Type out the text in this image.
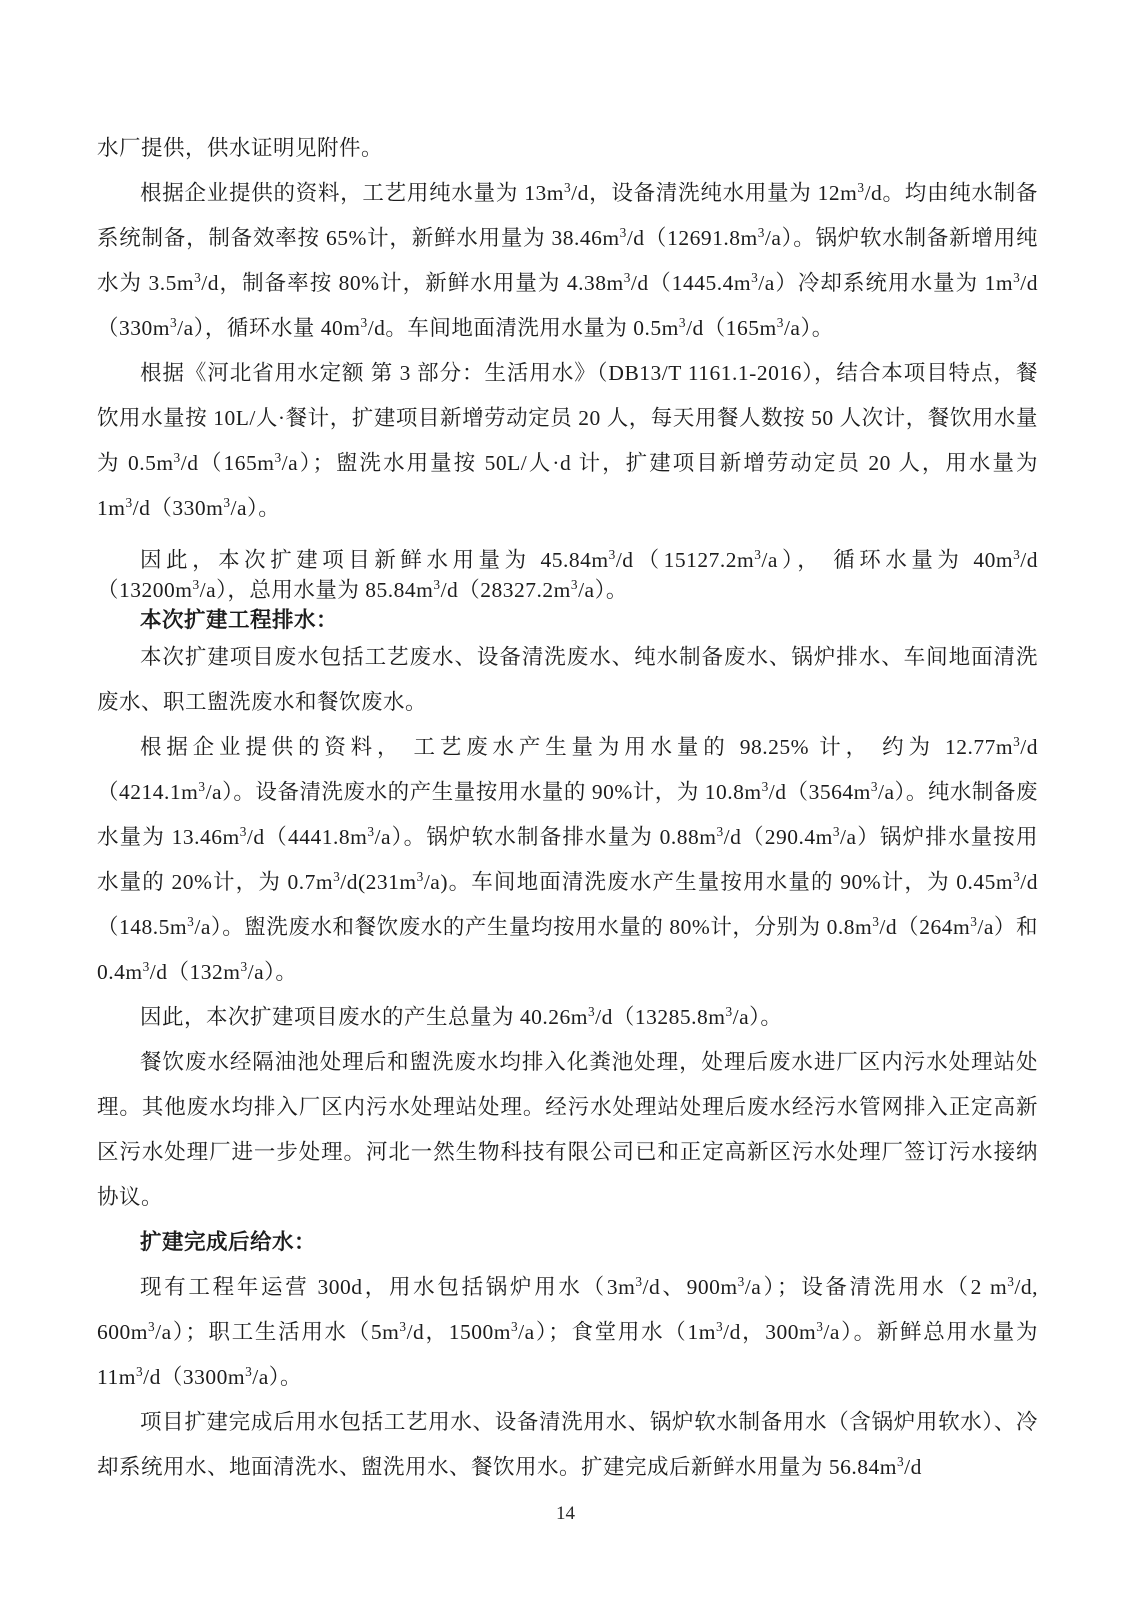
水厂提供，供水证明见附件。

根据企业提供的资料，工艺用纯水量为 $13m^3/d$，设备清洗纯水用量为 $12m^3/d$。均由纯水制备系统制备，制备效率按 65%计，新鲜水用量为 $38.46m^3/d(12691.8m^3/a)$。锅炉软水制备新增用纯水为 $3.5m^3/d$，制备率按 80%计，新鲜水用量为 $4.38m^3/d(1445.4m^3/a)$冷却系统用水量为 $1m^3/d(330m^3/a)$，循环水量 $40m^3/d$。车间地面清洗用水量为 $0.5m^3/d(165m^3/a)$。

根据《河北省用水定额 第 3 部分：生活用水》（DB13/T 1161.1-2016），结合本项目特点，餐饮用水量按 10L/人·餐计，扩建项目新增劳动定员 20 人，每天用餐人数按 50 人次计，餐饮用水量为 $0.5m^3/d(165m^3/a)$；盥洗水用量按 50L/人·d 计，扩建项目新增劳动定员 20 人，用水量为 $1m^3/d(330m^3/a)$。

因此，本次扩建项目新鲜水用量为 $45.84m^3/d(15127.2m^3/a)$， 循环水量为 $40m^3/d(13200m^3/a)$，总用水量为 $85.84m^3/d(28327.2m^3/a)$。

本次扩建工程排水：

本次扩建项目废水包括工艺废水、设备清洗废水、纯水制备废水、锅炉排水、车间地面清洗废水、职工盥洗废水和餐饮废水。

根据企业提供的资料， 工艺废水产生量为用水量的 98.25% 计， 约为 $12.77m^3/d(4214.1m^3/a)$。设备清洗废水的产生量按用水量的 90%计，为 $10.8m^3/d(3564m^3/a)$。纯水制备废水量为 $13.46m^3/d(4441.8m^3/a)$。锅炉软水制备排水量为 $0.88m^3/d(290.4m^3/a)$锅炉排水量按用水量的 20%计，为 $0.7m^3/d(231m^3/a)$。车间地面清洗废水产生量按用水量的 90%计，为 $0.45m^3/d(148.5m^3/a)$。盥洗废水和餐饮废水的产生量均按用水量的 80%计，分别为 $0.8m^3/d(264m^3/a)$和 $0.4m^3/d(132m^3/a)$。

因此，本次扩建项目废水的产生总量为 $40.26m^3/d(13285.8m^3/a)$。

餐饮废水经隔油池处理后和盥洗废水均排入化粪池处理，处理后废水进厂区内污水处理站处理。其他废水均排入厂区内污水处理站处理。经污水处理站处理后废水经污水管网排入正定高新区污水处理厂进一步处理。河北一然生物科技有限公司已和正定高新区污水处理厂签订污水接纳协议。

扩建完成后给水：

现有工程年运营 300d，用水包括锅炉用水（$3m^3/d$、$900m^3/a$）；设备清洗用水（2 $m^3/d$, $600m^3/a$）；职工生活用水（$5m^3/d$，$1500m^3/a$）；食堂用水（$1m^3/d$，$300m^3/a$）。新鲜总用水量为 $11m^3/d(3300m^3/a)$。

项目扩建完成后用水包括工艺用水、设备清洗用水、锅炉软水制备用水（含锅炉用软水）、冷却系统用水、地面清洗水、盥洗用水、餐饮用水。扩建完成后新鲜水用量为 $56.84m^3/d$

14
